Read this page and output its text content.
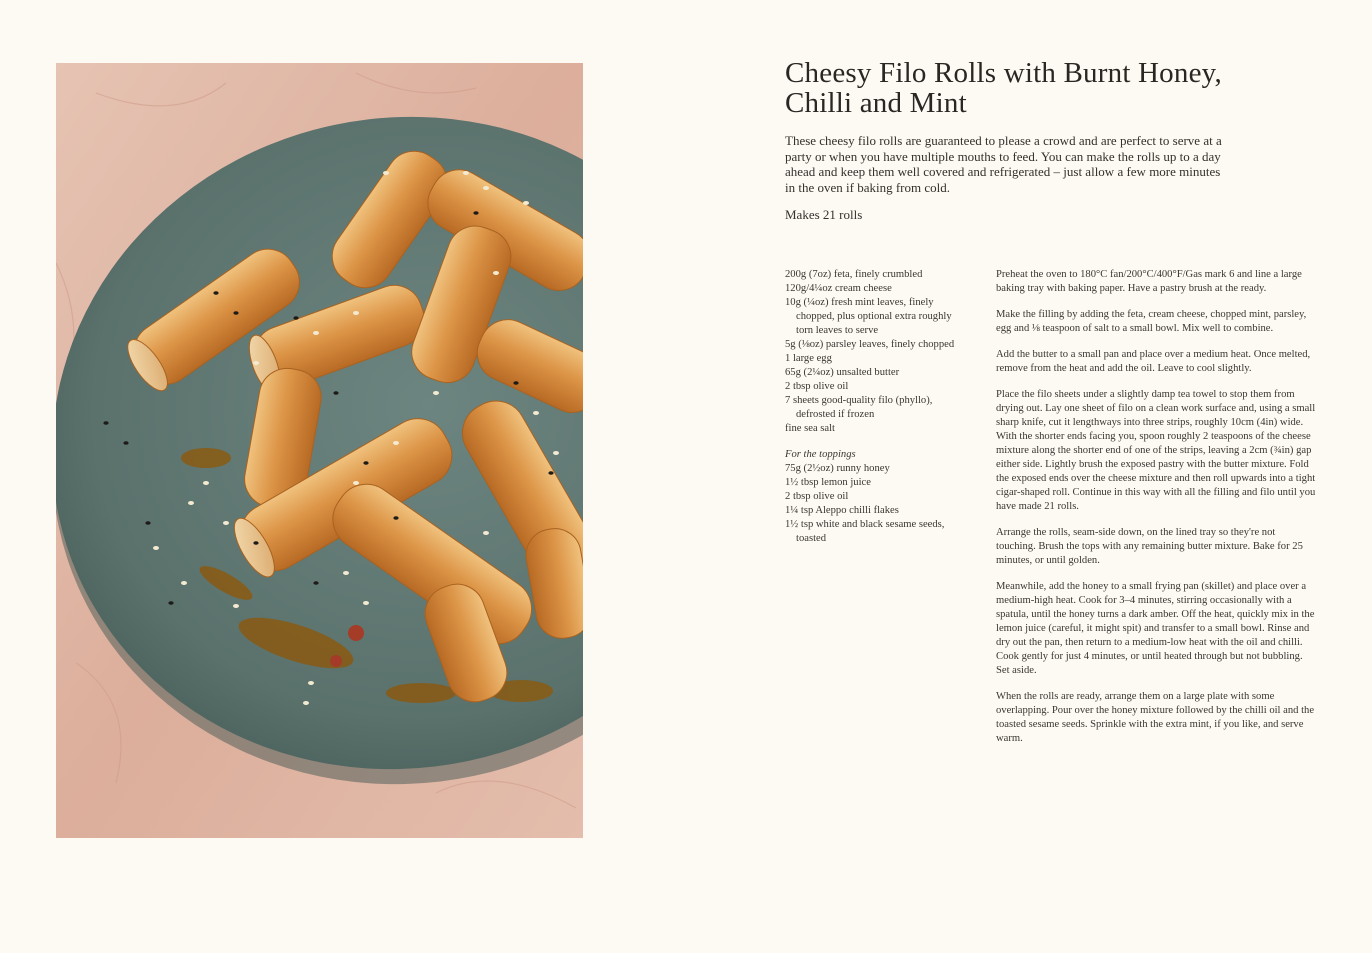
Cheesy Filo Rolls with Burnt Honey, Chilli and Mint

These cheesy filo rolls are guaranteed to please a crowd and are perfect to serve at a party or when you have multiple mouths to feed. You can make the rolls up to a day ahead and keep them well covered and refrigerated – just allow a few more minutes in the oven if baking from cold.

Makes 21 rolls

200g (7oz) feta, finely crumbled

120g/4¼oz cream cheese

10g (¼oz) fresh mint leaves, finely chopped, plus optional extra roughly torn leaves to serve

5g (⅛oz) parsley leaves, finely chopped

1 large egg

65g (2¼oz) unsalted butter

2 tbsp olive oil

7 sheets good-quality filo (phyllo), defrosted if frozen

fine sea salt

For the toppings

75g (2½oz) runny honey

1½ tbsp lemon juice

2 tbsp olive oil

1¼ tsp Aleppo chilli flakes

1½ tsp white and black sesame seeds, toasted

Preheat the oven to 180°C fan/200°C/400°F/Gas mark 6 and line a large baking tray with baking paper. Have a pastry brush at the ready.

Make the filling by adding the feta, cream cheese, chopped mint, parsley, egg and ⅛ teaspoon of salt to a small bowl. Mix well to combine.

Add the butter to a small pan and place over a medium heat. Once melted, remove from the heat and add the oil. Leave to cool slightly.

Place the filo sheets under a slightly damp tea towel to stop them from drying out. Lay one sheet of filo on a clean work surface and, using a small sharp knife, cut it lengthways into three strips, roughly 10cm (4in) wide. With the shorter ends facing you, spoon roughly 2 teaspoons of the cheese mixture along the shorter end of one of the strips, leaving a 2cm (¾in) gap either side. Lightly brush the exposed pastry with the butter mixture. Fold the exposed ends over the cheese mixture and then roll upwards into a tight cigar-shaped roll. Continue in this way with all the filling and filo until you have made 21 rolls.

Arrange the rolls, seam-side down, on the lined tray so they're not touching. Brush the tops with any remaining butter mixture. Bake for 25 minutes, or until golden.

Meanwhile, add the honey to a small frying pan (skillet) and place over a medium-high heat. Cook for 3–4 minutes, stirring occasionally with a spatula, until the honey turns a dark amber. Off the heat, quickly mix in the lemon juice (careful, it might spit) and transfer to a small bowl. Rinse and dry out the pan, then return to a medium-low heat with the oil and chilli. Cook gently for just 4 minutes, or until heated through but not bubbling. Set aside.

When the rolls are ready, arrange them on a large plate with some overlapping. Pour over the honey mixture followed by the chilli oil and the toasted sesame seeds. Sprinkle with the extra mint, if you like, and serve warm.
